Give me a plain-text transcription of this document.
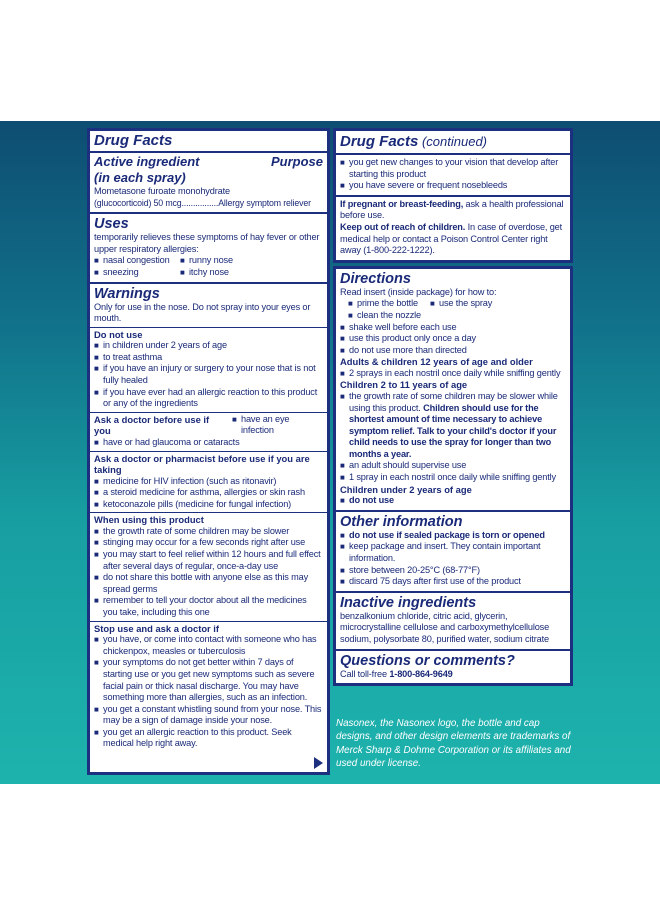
Drug Facts
Active ingredient	Purpose
(in each spray)
Mometasone furoate monohydrate
(glucocorticoid) 50 mcg................Allergy symptom reliever
Uses
temporarily relieves these symptoms of hay fever or other upper respiratory allergies:
■ nasal congestion ■ runny nose
■ sneezing	■ itchy nose
Warnings
Only for use in the nose. Do not spray into your eyes or mouth.
Do not use
■ in children under 2 years of age
■ to treat asthma
■ if you have an injury or surgery to your nose that is not fully healed
■ if you have ever had an allergic reaction to this product or any of the ingredients
Ask a doctor before use if you
■ have an eye infection
■ have or had glaucoma or cataracts
Ask a doctor or pharmacist before use if you are taking
■ medicine for HIV infection (such as ritonavir)
■ a steroid medicine for asthma, allergies or skin rash
■ ketoconazole pills (medicine for fungal infection)
When using this product
■ the growth rate of some children may be slower
■ stinging may occur for a few seconds right after use
■ you may start to feel relief within 12 hours and full effect after several days of regular, once-a-day use
■ do not share this bottle with anyone else as this may spread germs
■ remember to tell your doctor about all the medicines you take, including this one
Stop use and ask a doctor if
■ you have, or come into contact with someone who has chickenpox, measles or tuberculosis
■ your symptoms do not get better within 7 days of starting use or you get new symptoms such as severe facial pain or thick nasal discharge. You may have something more than allergies, such as an infection.
■ you get a constant whistling sound from your nose. This may be a sign of damage inside your nose.
■ you get an allergic reaction to this product. Seek medical help right away.
Drug Facts (continued)
■ you get new changes to your vision that develop after starting this product
■ you have severe or frequent nosebleeds
If pregnant or breast-feeding, ask a health professional before use.
Keep out of reach of children. In case of overdose, get medical help or contact a Poison Control Center right away (1-800-222-1222).
Directions
Read insert (inside package) for how to:
■ prime the bottle ■ use the spray
■ clean the nozzle
■ shake well before each use
■ use this product only once a day
■ do not use more than directed
Adults & children 12 years of age and older
■ 2 sprays in each nostril once daily while sniffing gently
Children 2 to 11 years of age
■ the growth rate of some children may be slower while using this product. Children should use for the shortest amount of time necessary to achieve symptom relief. Talk to your child's doctor if your child needs to use the spray for longer than two months a year.
■ an adult should supervise use
■ 1 spray in each nostril once daily while sniffing gently
Children under 2 years of age
■ do not use
Other information
■ do not use if sealed package is torn or opened
■ keep package and insert. They contain important information.
■ store between 20-25°C (68-77°F)
■ discard 75 days after first use of the product
Inactive ingredients
benzalkonium chloride, citric acid, glycerin, microcrystalline cellulose and carboxymethylcellulose sodium, polysorbate 80, purified water, sodium citrate
Questions or comments?
Call toll-free 1-800-864-9649
Nasonex, the Nasonex logo, the bottle and cap designs, and other design elements are trademarks of Merck Sharp & Dohme Corporation or its affiliates and used under license.
